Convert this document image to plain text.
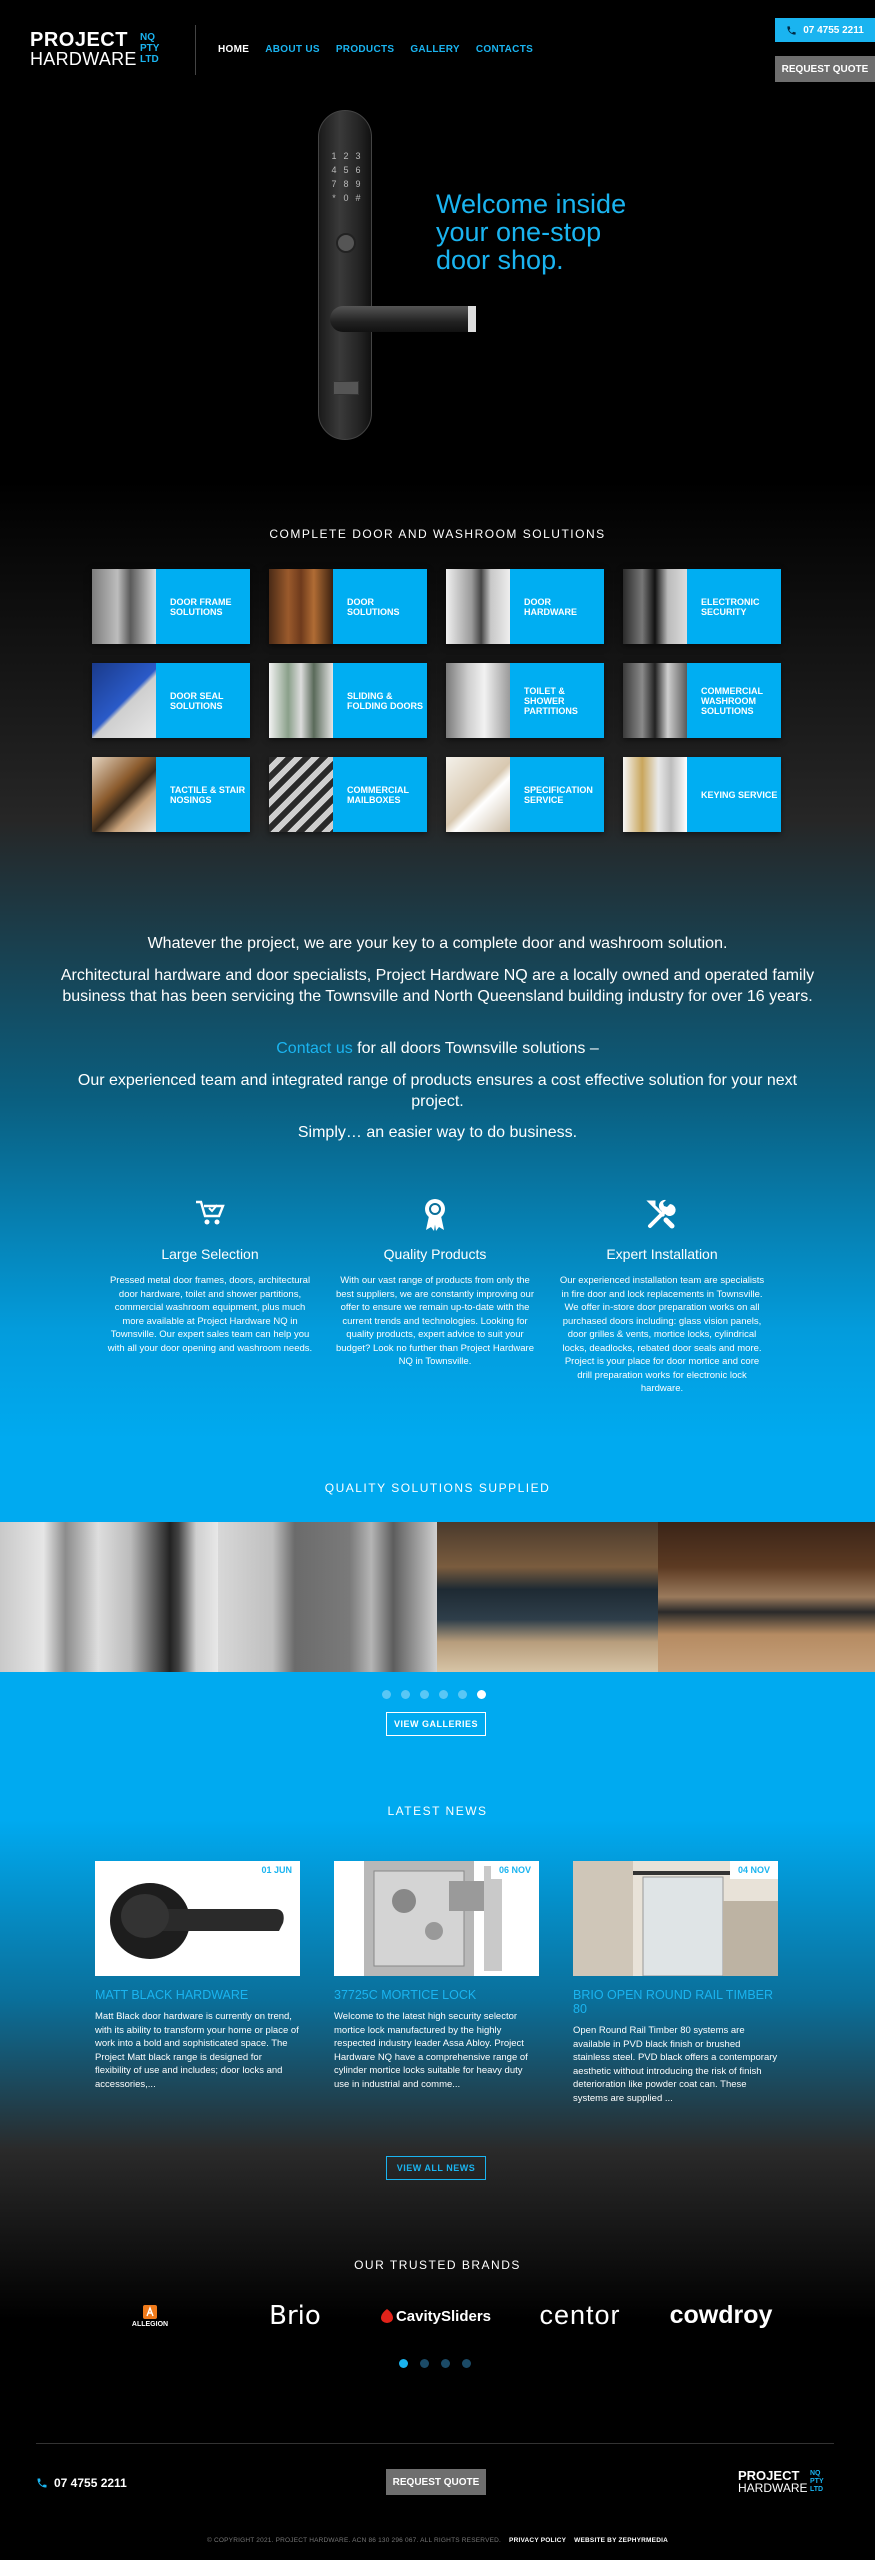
PROJECT
HARDWARE
NQ
PTY
LTD
HOME ABOUT US PRODUCTS GALLERY CONTACTS
07 4755 2211
REQUEST QUOTE
1 2 3
4 5 6
7 8 9
* 0 #	Welcome inside
your one-stop
door shop.
COMPLETE DOOR AND WASHROOM SOLUTIONS
DOOR FRAME SOLUTIONS
DOOR SOLUTIONS
DOOR HARDWARE
ELECTRONIC SECURITY
DOOR SEAL SOLUTIONS
SLIDING & FOLDING DOORS
TOILET & SHOWER PARTITIONS
COMMERCIAL WASHROOM SOLUTIONS
TACTILE & STAIR NOSINGS
COMMERCIAL MAILBOXES
SPECIFICATION SERVICE	KEYING SERVICE
Whatever the project, we are your key to a complete door and washroom solution.
Architectural hardware and door specialists, Project Hardware NQ are a locally owned and operated family business that has been servicing the Townsville and North Queensland building industry for over 16 years.
Contact us for all doors Townsville solutions –
Our experienced team and integrated range of products ensures a cost effective solution for your next project.
Simply… an easier way to do business.
Large Selection

Pressed metal door frames, doors, architectural door hardware, toilet and shower partitions, commercial washroom equipment, plus much more available at Project Hardware NQ in Townsville. Our expert sales team can help you with all your door opening and washroom needs.

Quality Products

With our vast range of products from only the best suppliers, we are constantly improving our offer to ensure we remain up-to-date with the current trends and technologies. Looking for quality products, expert advice to suit your budget? Look no further than Project Hardware NQ in Townsville.

Expert Installation

Our experienced installation team are specialists in fire door and lock replacements in Townsville. We offer in-store door preparation works on all purchased doors including: glass vision panels, door grilles & vents, mortice locks, cylindrical locks, deadlocks, rebated door seals and more. Project is your place for door mortice and core drill preparation works for electronic lock hardware.

QUALITY SOLUTIONS SUPPLIED
VIEW GALLERIES
LATEST NEWS
01 JUN
MATT BLACK HARDWARE

Matt Black door hardware is currently on trend, with its ability to transform your home or place of work into a bold and sophisticated space. The Project Matt black range is designed for flexibility of use and includes; door locks and accessories,...

06 NOV
37725C MORTICE LOCK

Welcome to the latest high security selector mortice lock manufactured by the highly respected industry leader Assa Abloy. Project Hardware NQ have a comprehensive range of cylinder mortice locks suitable for heavy duty use in industrial and comme...

04 NOV
BRIO OPEN ROUND RAIL TIMBER 80

Open Round Rail Timber 80 systems are available in PVD black finish or brushed stainless steel. PVD black offers a contemporary aesthetic without introducing the risk of finish deterioration like powder coat can. These systems are supplied ...

VIEW ALL NEWS
OUR TRUSTED BRANDS
ALLEGION	Brio	CavitySliders	centor	cowdroy
07 4755 2211	REQUEST QUOTE	PROJECT
HARDWARE
NQ
PTY
LTD
© COPYRIGHT 2021. PROJECT HARDWARE. ACN 86 130 296 067. ALL RIGHTS RESERVED. PRIVACY POLICY WEBSITE BY ZEPHYRMEDIA
